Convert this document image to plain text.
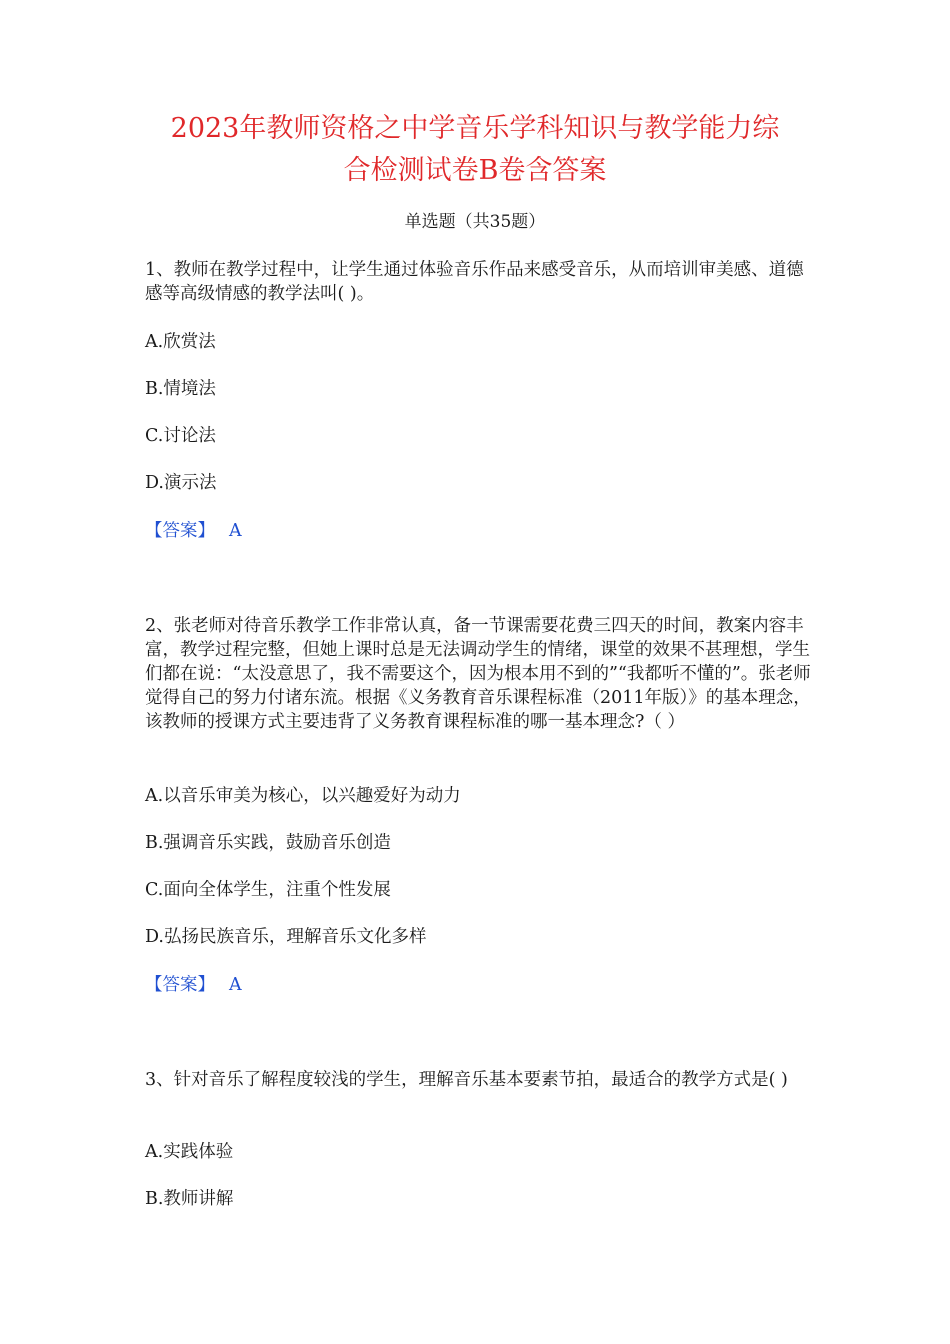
2023年教师资格之中学音乐学科知识与教学能力综
合检测试卷B卷含答案
单选题（共35题）

1、教师在教学过程中，让学生通过体验音乐作品来感受音乐，从而培训审美感、道德感等高级情感的教学法叫( )。

A.欣赏法

B.情境法

C.讨论法

D.演示法

【答案】 A

2、张老师对待音乐教学工作非常认真，备一节课需要花费三四天的时间，教案内容丰富，教学过程完整，但她上课时总是无法调动学生的情绪，课堂的效果不甚理想，学生们都在说：“太没意思了，我不需要这个，因为根本用不到的”“我都听不懂的”。张老师觉得自己的努力付诸东流。根据《义务教育音乐课程标准（2011年版）》的基本理念，该教师的授课方式主要违背了义务教育课程标准的哪一基本理念?（ ）

A.以音乐审美为核心，以兴趣爱好为动力

B.强调音乐实践，鼓励音乐创造

C.面向全体学生，注重个性发展

D.弘扬民族音乐，理解音乐文化多样

【答案】 A

3、针对音乐了解程度较浅的学生，理解音乐基本要素节拍，最适合的教学方式是( )

A.实践体验

B.教师讲解
